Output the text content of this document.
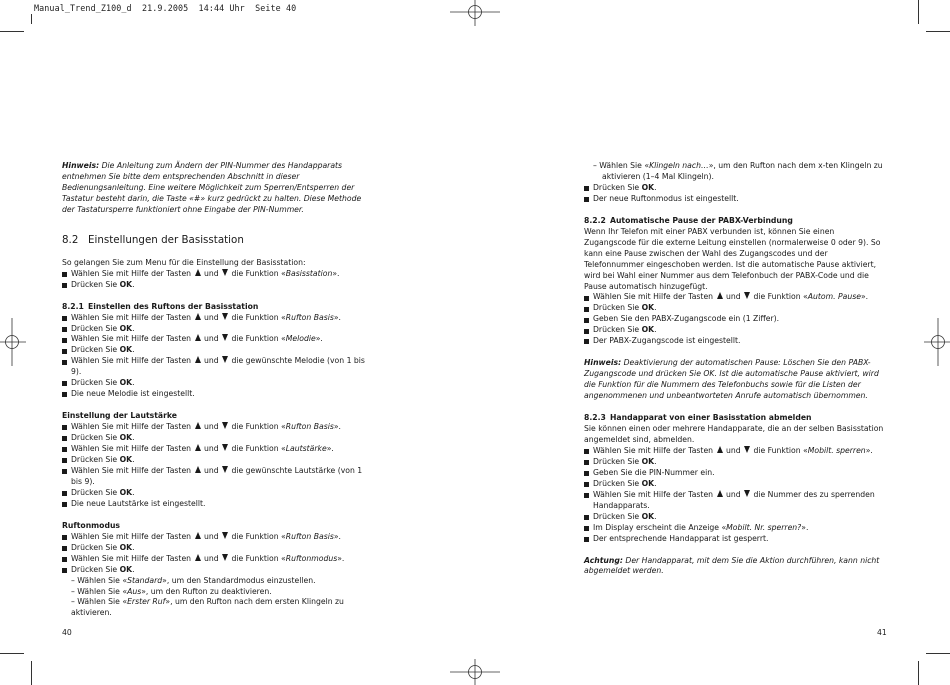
Manual_Trend_Z100_d  21.9.2005  14:44 Uhr  Seite 40

Hinweis: Die Anleitung zum Ändern der PIN-Nummer des Handapparats entnehmen Sie bitte dem entsprechenden Abschnitt in dieser Bedienungsanleitung. Eine weitere Möglichkeit zum Sperren/Entsperren der Tastatur besteht darin, die Taste «#» kurz gedrückt zu halten. Diese Methode der Tastatursperre funktioniert ohne Eingabe der PIN-Nummer.

8.2 Einstellungen der Basisstation

So gelangen Sie zum Menu für die Einstellung der Basisstation:

Wählen Sie mit Hilfe der Tasten und die Funktion «Basisstation».

Drücken Sie OK.

8.2.1 Einstellen des Ruftons der Basisstation

Wählen Sie mit Hilfe der Tasten und die Funktion «Rufton Basis».

Drücken Sie OK.

Wählen Sie mit Hilfe der Tasten und die Funktion «Melodie».

Drücken Sie OK.

Wählen Sie mit Hilfe der Tasten und die gewünschte Melodie (von 1 bis 9).

Drücken Sie OK.

Die neue Melodie ist eingestellt.

Einstellung der Lautstärke

Wählen Sie mit Hilfe der Tasten und die Funktion «Rufton Basis».

Drücken Sie OK.

Wählen Sie mit Hilfe der Tasten und die Funktion «Lautstärke».

Drücken Sie OK.

Wählen Sie mit Hilfe der Tasten und die gewünschte Lautstärke (von 1 bis 9).

Drücken Sie OK.

Die neue Lautstärke ist eingestellt.

Ruftonmodus

Wählen Sie mit Hilfe der Tasten und die Funktion «Rufton Basis».

Drücken Sie OK.

Wählen Sie mit Hilfe der Tasten und die Funktion «Ruftonmodus».

Drücken Sie OK.

– Wählen Sie «Standard», um den Standardmodus einzustellen.

– Wählen Sie «Aus», um den Rufton zu deaktivieren.

– Wählen Sie «Erster Ruf», um den Rufton nach dem ersten Klingeln zu aktivieren.

40

– Wählen Sie «Klingeln nach…», um den Rufton nach dem x-ten Klingeln zu aktivieren (1–4 Mal Klingeln).

Drücken Sie OK.

Der neue Ruftonmodus ist eingestellt.

8.2.2 Automatische Pause der PABX-Verbindung

Wenn Ihr Telefon mit einer PABX verbunden ist, können Sie einen Zugangscode für die externe Leitung einstellen (normalerweise 0 oder 9). So kann eine Pause zwischen der Wahl des Zugangscodes und der Telefonnummer eingeschoben werden. Ist die automatische Pause aktiviert, wird bei Wahl einer Nummer aus dem Telefonbuch der PABX-Code und die Pause automatisch hinzugefügt.

Wählen Sie mit Hilfe der Tasten und die Funktion «Autom. Pause».

Drücken Sie OK.

Geben Sie den PABX-Zugangscode ein (1 Ziffer).

Drücken Sie OK.

Der PABX-Zugangscode ist eingestellt.

Hinweis: Deaktivierung der automatischen Pause: Löschen Sie den PABX-Zugangscode und drücken Sie OK. Ist die automatische Pause aktiviert, wird die Funktion für die Nummern des Telefonbuchs sowie für die Listen der angenommenen und unbeantworteten Anrufe automatisch übernommen.

8.2.3 Handapparat von einer Basisstation abmelden

Sie können einen oder mehrere Handapparate, die an der selben Basisstation angemeldet sind, abmelden.

Wählen Sie mit Hilfe der Tasten und die Funktion «Mobilt. sperren».

Drücken Sie OK.

Geben Sie die PIN-Nummer ein.

Drücken Sie OK.

Wählen Sie mit Hilfe der Tasten und die Nummer des zu sperrenden Handapparats.

Drücken Sie OK.

Im Display erscheint die Anzeige «Mobilt. Nr. sperren?».

Der entsprechende Handapparat ist gesperrt.

Achtung: Der Handapparat, mit dem Sie die Aktion durchführen, kann nicht abgemeldet werden.

41
